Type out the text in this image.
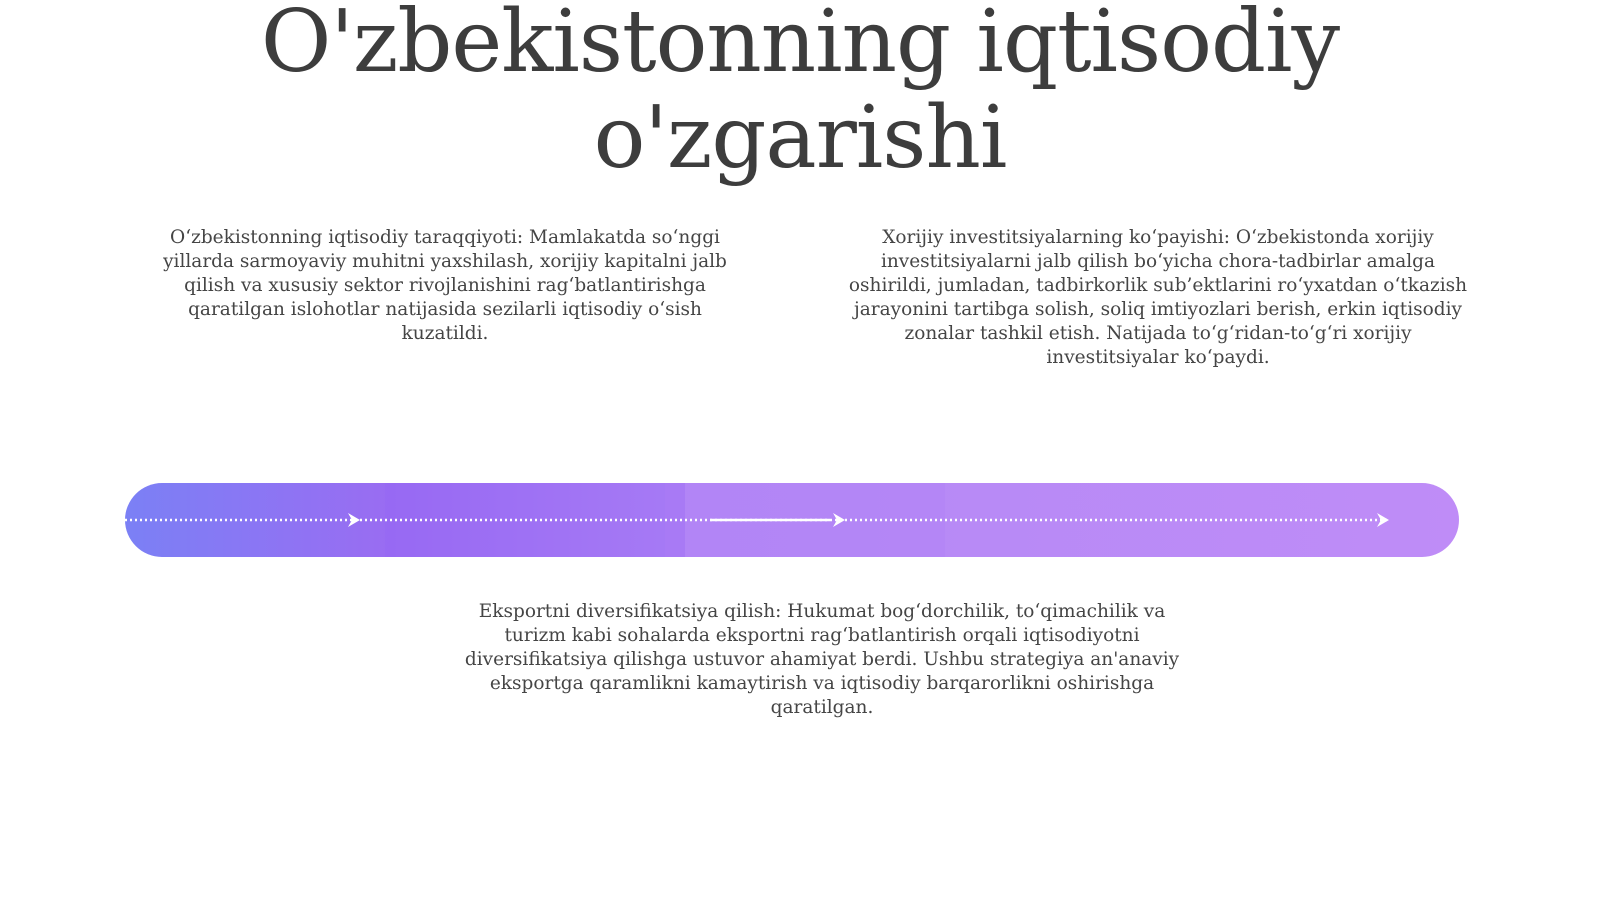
O'zbekistonning iqtisodiy o'zgarishi

O‘zbekistonning iqtisodiy taraqqiyoti: Mamlakatda so‘nggi yillarda sarmoyaviy muhitni yaxshilash, xorijiy kapitalni jalb qilish va xususiy sektor rivojlanishini rag‘batlantirishga qaratilgan islohotlar natijasida sezilarli iqtisodiy o‘sish kuzatildi.

Xorijiy investitsiyalarning ko‘payishi: O‘zbekistonda xorijiy investitsiyalarni jalb qilish bo‘yicha chora-tadbirlar amalga oshirildi, jumladan, tadbirkorlik sub’ektlarini ro‘yxatdan o‘tkazish jarayonini tartibga solish, soliq imtiyozlari berish, erkin iqtisodiy zonalar tashkil etish. Natijada to‘g‘ridan-to‘g‘ri xorijiy investitsiyalar ko‘paydi.

Eksportni diversifikatsiya qilish: Hukumat bog‘dorchilik, to‘qimachilik va turizm kabi sohalarda eksportni rag‘batlantirish orqali iqtisodiyotni diversifikatsiya qilishga ustuvor ahamiyat berdi. Ushbu strategiya an'anaviy eksportga qaramlikni kamaytirish va iqtisodiy barqarorlikni oshirishga qaratilgan.
